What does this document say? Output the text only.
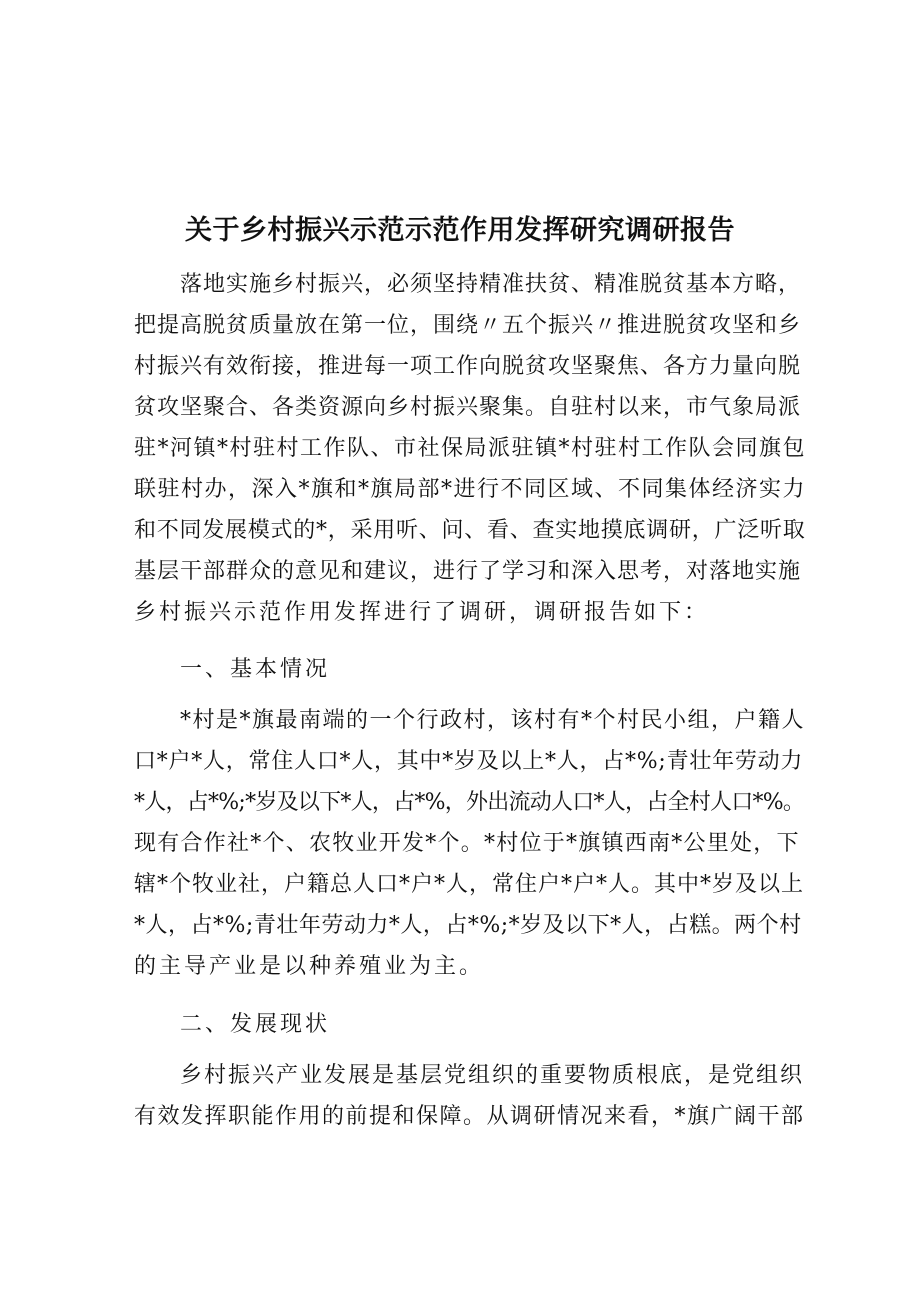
关于乡村振兴示范示范作用发挥研究调研报告
落地实施乡村振兴，必须坚持精准扶贫、精准脱贫基本方略，
把提高脱贫质量放在第一位，围绕〃五个振兴〃推进脱贫攻坚和乡
村振兴有效衔接，推进每一项工作向脱贫攻坚聚焦、各方力量向脱
贫攻坚聚合、各类资源向乡村振兴聚集。自驻村以来，市气象局派
驻*河镇*村驻村工作队、市社保局派驻镇*村驻村工作队会同旗包
联驻村办，深入*旗和*旗局部*进行不同区域、不同集体经济实力
和不同发展模式的*，采用听、问、看、查实地摸底调研，广泛听取
基层干部群众的意见和建议，进行了学习和深入思考，对落地实施
乡村振兴示范作用发挥进行了调研，调研报告如下：
一、基本情况
*村是*旗最南端的一个行政村，该村有*个村民小组，户籍人
口*户*人，常住人口*人，其中*岁及以上*人，占*%;青壮年劳动力
*人，占*%;*岁及以下*人，占*%，外出流动人口*人，占全村人口*%。
现有合作社*个、农牧业开发*个。*村位于*旗镇西南*公里处，下
辖*个牧业社，户籍总人口*户*人，常住户*户*人。其中*岁及以上
*人，占*%;青壮年劳动力*人，占*%;*岁及以下*人，占糕。两个村
的主导产业是以种养殖业为主。
二、发展现状
乡村振兴产业发展是基层党组织的重要物质根底，是党组织
有效发挥职能作用的前提和保障。从调研情况来看，*旗广阔干部
